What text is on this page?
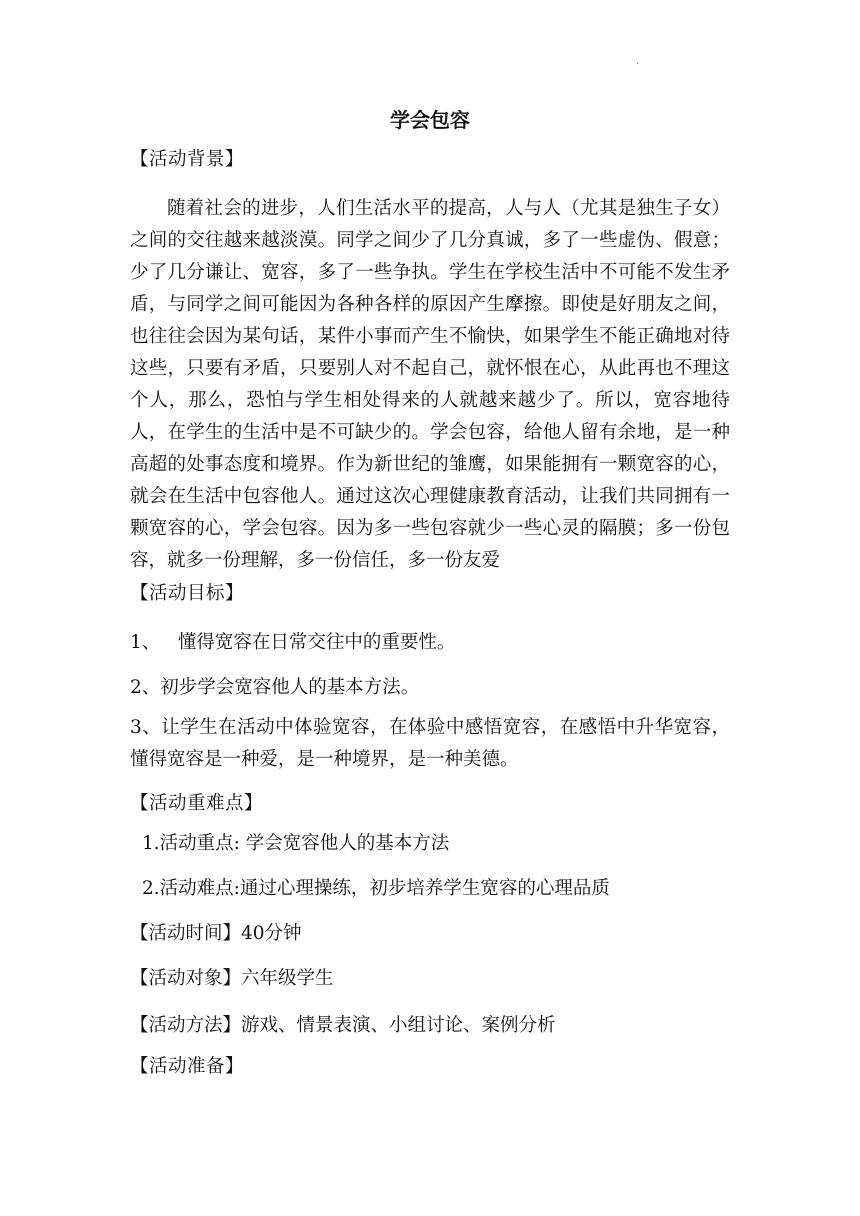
.
学会包容
【活动背景】

随着社会的进步，人们生活水平的提高，人与人（尤其是独生子女）之间的交往越来越淡漠。同学之间少了几分真诚，多了一些虚伪、假意；少了几分谦让、宽容，多了一些争执。学生在学校生活中不可能不发生矛盾，与同学之间可能因为各种各样的原因产生摩擦。即使是好朋友之间，也往往会因为某句话，某件小事而产生不愉快，如果学生不能正确地对待这些，只要有矛盾，只要别人对不起自己，就怀恨在心，从此再也不理这个人，那么，恐怕与学生相处得来的人就越来越少了。所以，宽容地待人，在学生的生活中是不可缺少的。学会包容，给他人留有余地，是一种高超的处事态度和境界。作为新世纪的雏鹰，如果能拥有一颗宽容的心，就会在生活中包容他人。通过这次心理健康教育活动，让我们共同拥有一颗宽容的心，学会包容。因为多一些包容就少一些心灵的隔膜；多一份包容，就多一份理解，多一份信任，多一份友爱

【活动目标】
1、   懂得宽容在日常交往中的重要性。
2、初步学会宽容他人的基本方法。

3、让学生在活动中体验宽容，在体验中感悟宽容，在感悟中升华宽容，懂得宽容是一种爱，是一种境界，是一种美德。

【活动重难点】
1.活动重点: 学会宽容他人的基本方法
2.活动难点:通过心理操练，初步培养学生宽容的心理品质
【活动时间】40分钟
【活动对象】六年级学生
【活动方法】游戏、情景表演、小组讨论、案例分析
【活动准备】
